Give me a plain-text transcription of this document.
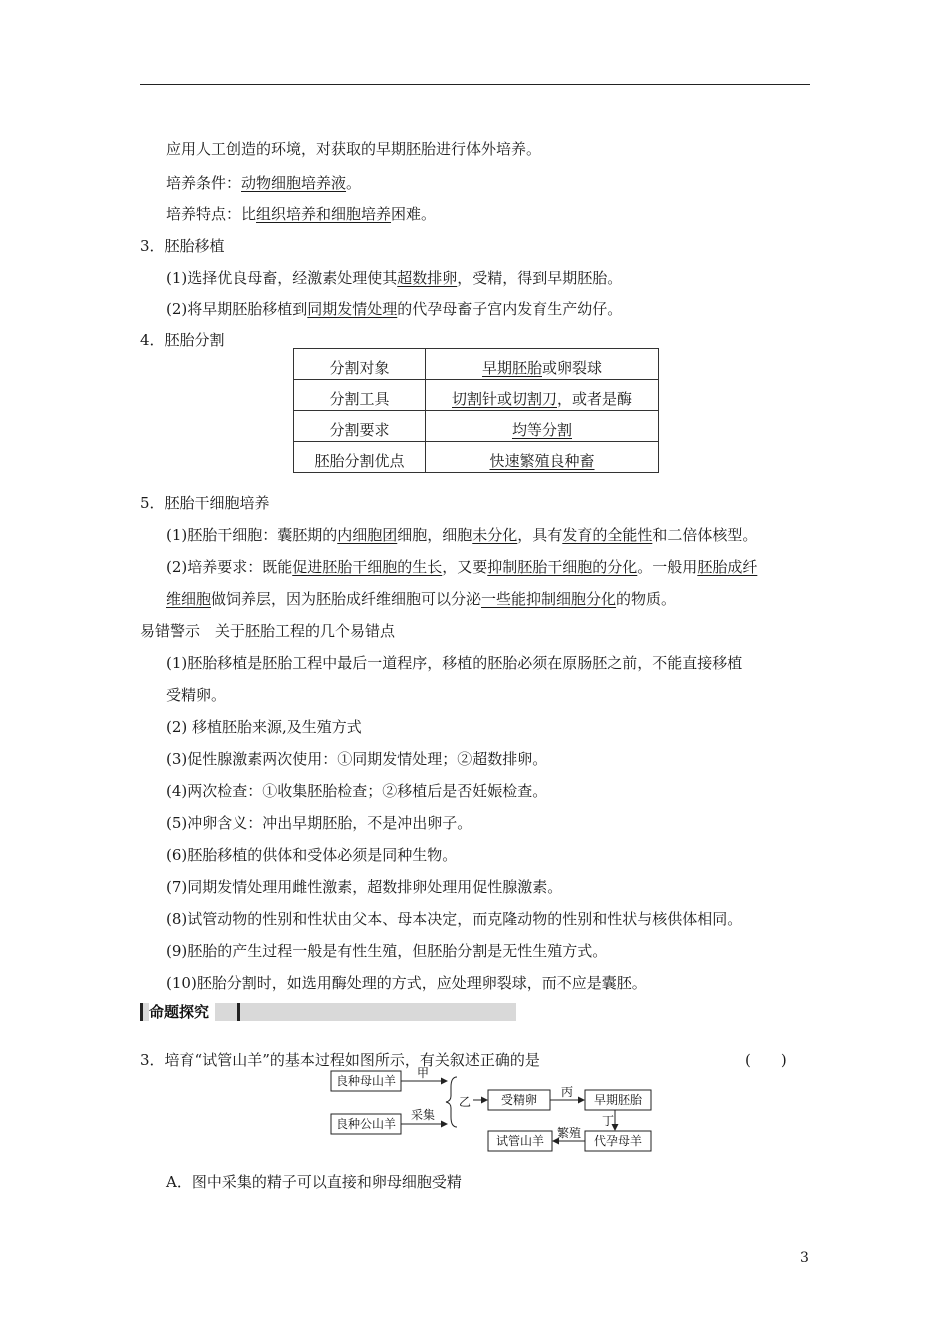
应用人工创造的环境，对获取的早期胚胎进行体外培养。
培养条件：动物细胞培养液。
培养特点：比组织培养和细胞培养困难。
3．胚胎移植
(1)选择优良母畜，经激素处理使其超数排卵，受精，得到早期胚胎。
(2)将早期胚胎移植到同期发情处理的代孕母畜子宫内发育生产幼仔。
4．胚胎分割
分割对象	早期胚胎或卵裂球
分割工具	切割针或切割刀，或者是酶
分割要求	均等分割
胚胎分割优点	快速繁殖良种畜
5．胚胎干细胞培养
(1)胚胎干细胞：囊胚期的内细胞团细胞，细胞未分化，具有发育的全能性和二倍体核型。
(2)培养要求：既能促进胚胎干细胞的生长，又要抑制胚胎干细胞的分化。一般用胚胎成纤
维细胞做饲养层，因为胚胎成纤维细胞可以分泌一些能抑制细胞分化的物质。
易错警示　关于胚胎工程的几个易错点
(1)胚胎移植是胚胎工程中最后一道程序，移植的胚胎必须在原肠胚之前，不能直接移植
受精卵。
(2) 移植胚胎来源,及生殖方式
(3)促性腺激素两次使用：①同期发情处理；②超数排卵。
(4)两次检查：①收集胚胎检查；②移植后是否妊娠检查。
(5)冲卵含义：冲出早期胚胎，不是冲出卵子。
(6)胚胎移植的供体和受体必须是同种生物。
(7)同期发情处理用雌性激素，超数排卵处理用促性腺激素。
(8)试管动物的性别和性状由父本、母本决定，而克隆动物的性别和性状与核供体相同。
(9)胚胎的产生过程一般是有性生殖，但胚胎分割是无性生殖方式。
(10)胚胎分割时，如选用酶处理的方式，应处理卵裂球，而不应是囊胚。
命题探究
3．培育“试管山羊”的基本过程如图所示，有关叙述正确的是	(　　)
良种母山羊
良种公山羊
受精卵	早期胚胎
代孕母羊
试管山羊
甲
采集
乙
丙
丁
繁殖
A．图中采集的精子可以直接和卵母细胞受精
3
